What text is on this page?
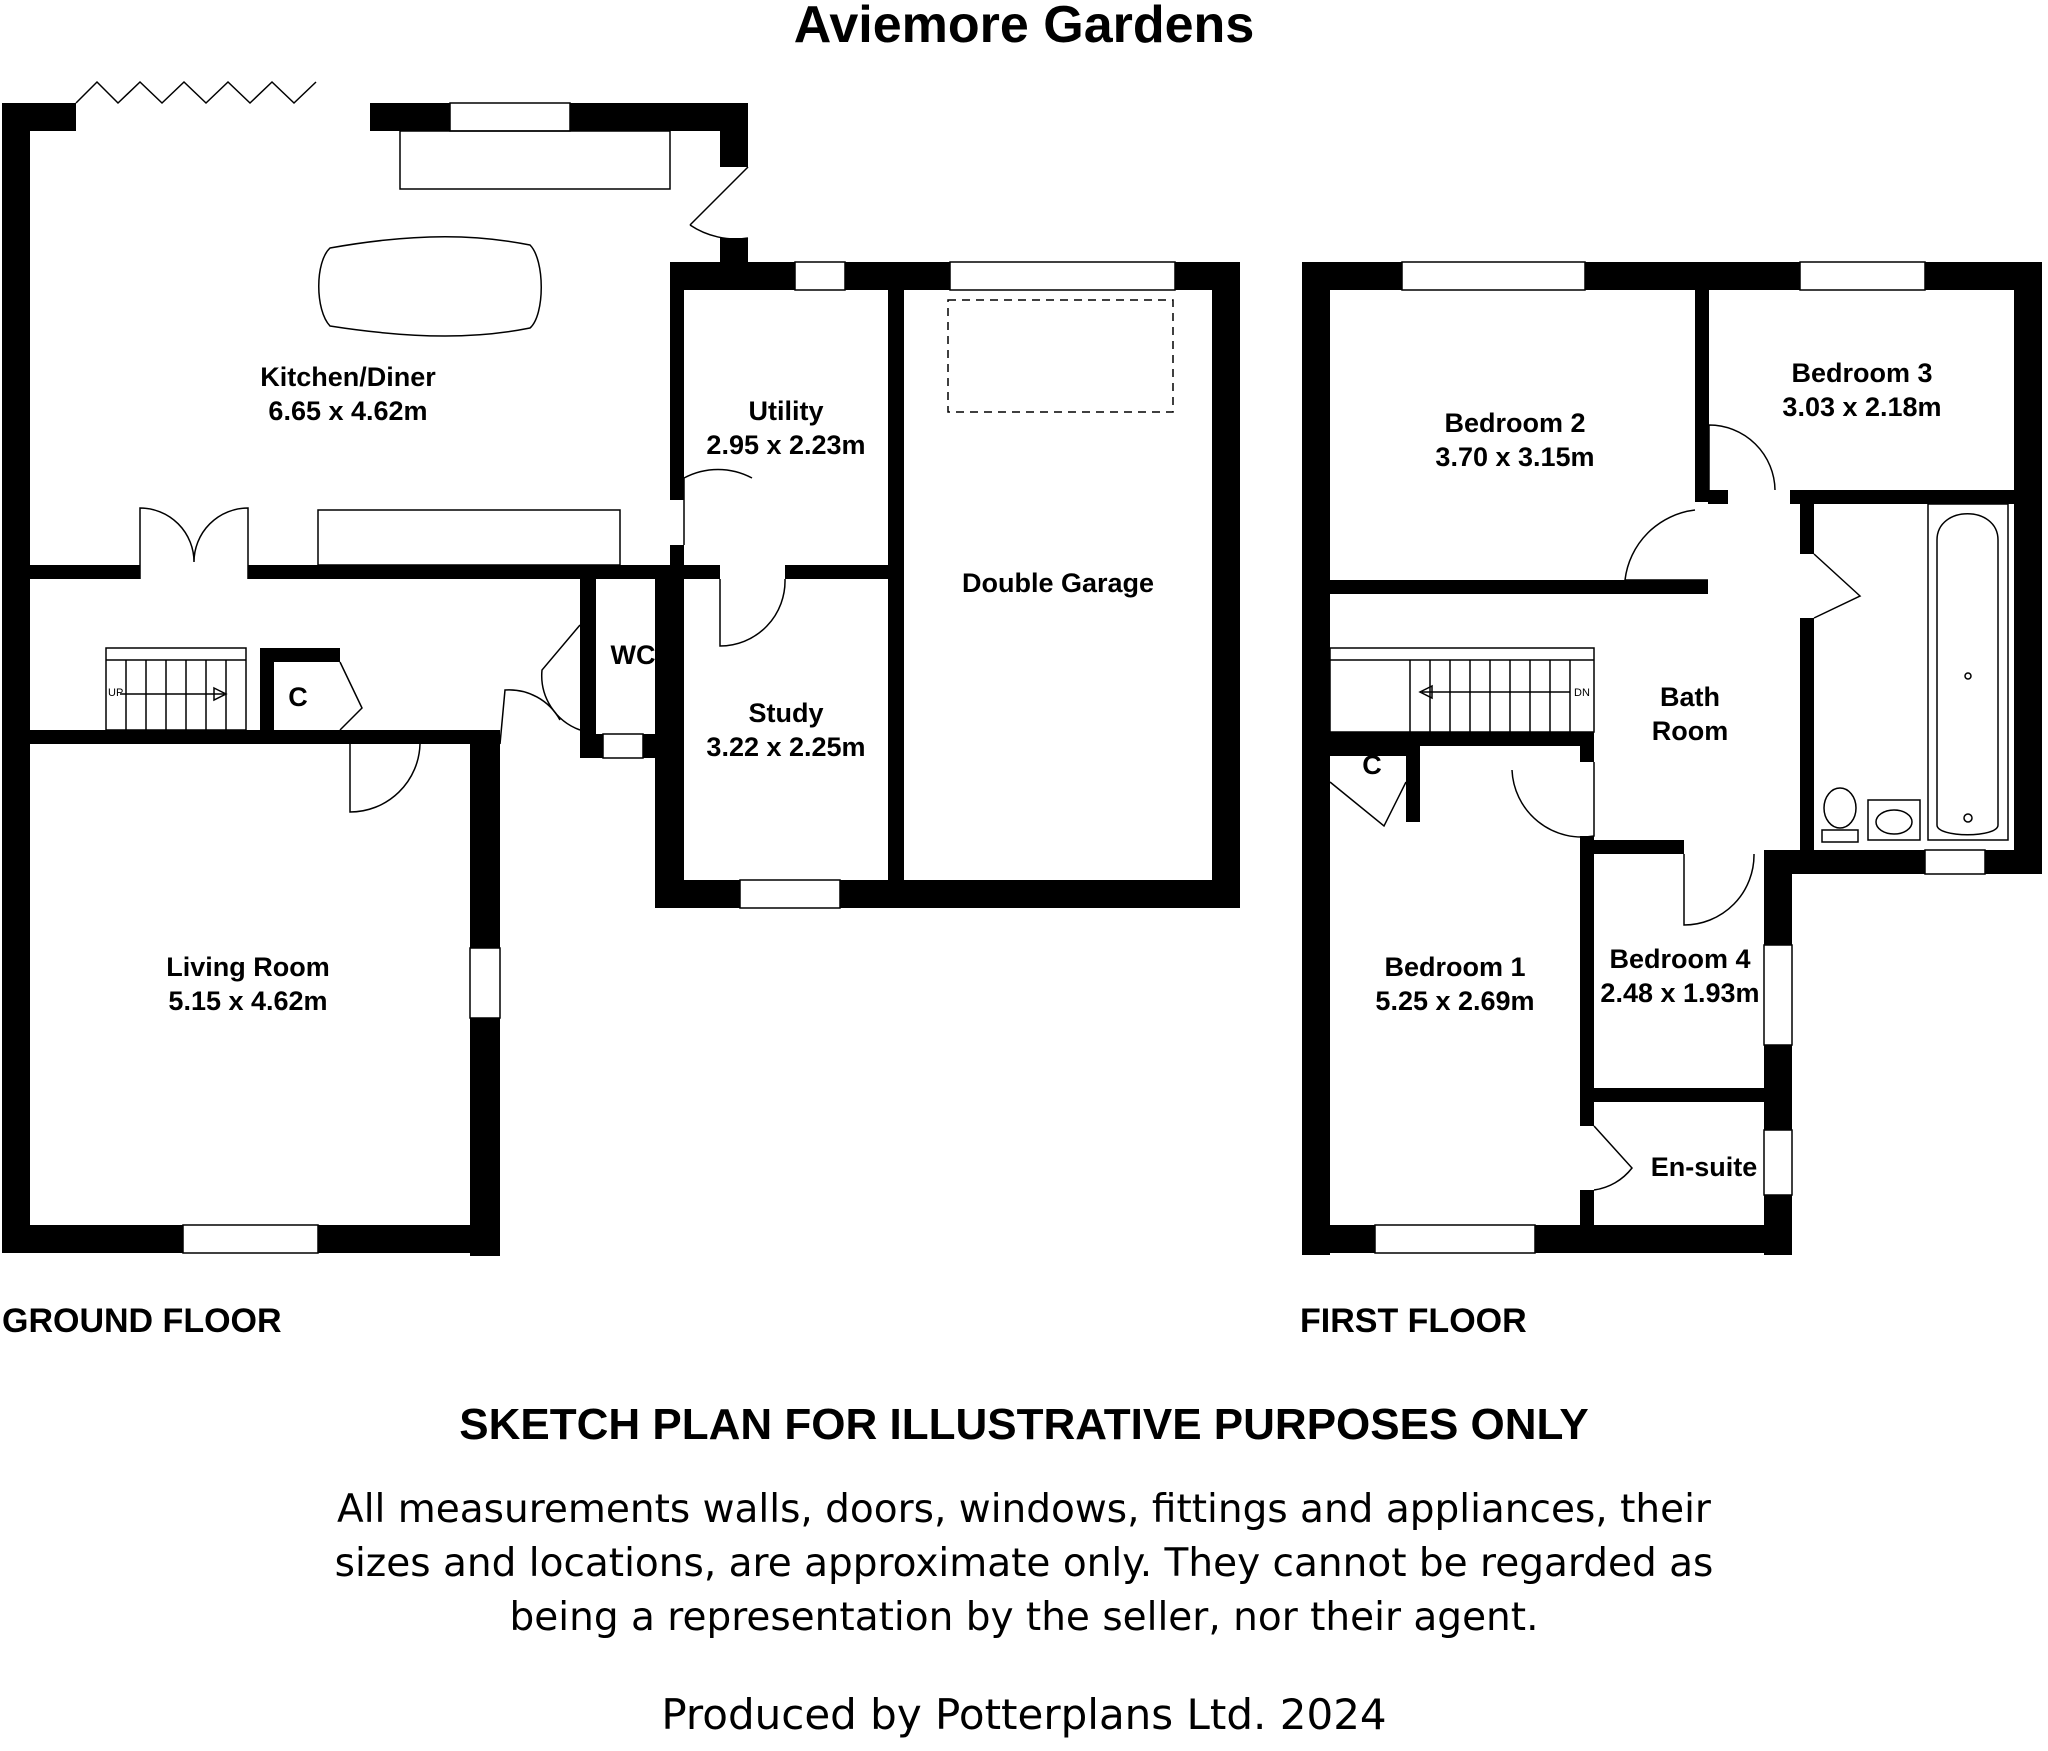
Aviemore Gardens
UP
Kitchen/Diner
6.65 x 4.62m	Utility
2.95 x 2.23m
Double Garage
WC
Study
3.22 x 2.25m
Living Room
5.15 x 4.62m
C
GROUND FLOOR
DN
Bedroom 2
3.70 x 3.15m
Bedroom 3
3.03 x 2.18m
Bath
Room
Bedroom 1
5.25 x 2.69m
Bedroom 4
2.48 x 1.93m
En-suite
C
FIRST FLOOR
SKETCH PLAN FOR ILLUSTRATIVE PURPOSES ONLY
All measurements walls, doors, windows, fittings and appliances, their
sizes and locations, are approximate only. They cannot be regarded as
being a representation by the seller, nor their agent.
Produced by Potterplans Ltd. 2024
